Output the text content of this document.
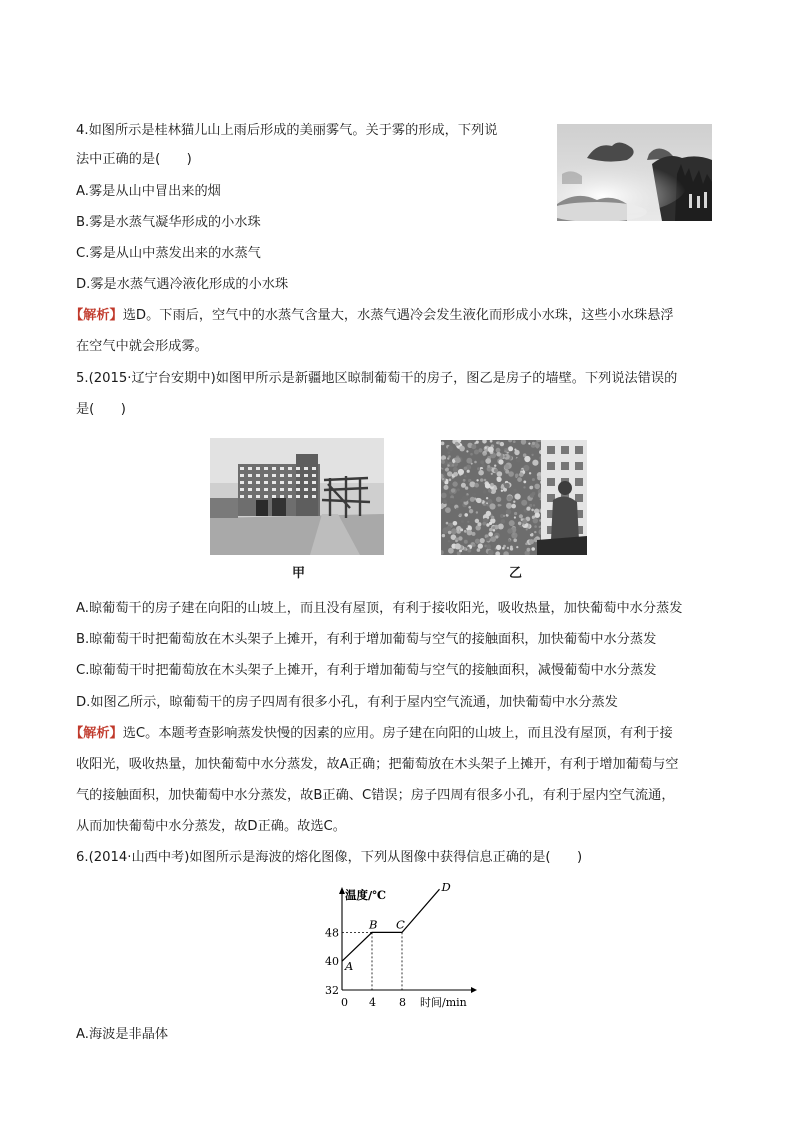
4.如图所示是桂林猫儿山上雨后形成的美丽雾气。关于雾的形成，下列说
法中正确的是(　　)
A.雾是从山中冒出来的烟
B.雾是水蒸气凝华形成的小水珠
C.雾是从山中蒸发出来的水蒸气
D.雾是水蒸气遇冷液化形成的小水珠
【解析】选D。下雨后，空气中的水蒸气含量大，水蒸气遇冷会发生液化而形成小水珠，这些小水珠悬浮
在空气中就会形成雾。
5.(2015·辽宁台安期中)如图甲所示是新疆地区晾制葡萄干的房子，图乙是房子的墙壁。下列说法错误的
是(　　)
甲	乙
A.晾葡萄干的房子建在向阳的山坡上，而且没有屋顶，有利于接收阳光，吸收热量，加快葡萄中水分蒸发
B.晾葡萄干时把葡萄放在木头架子上摊开，有利于增加葡萄与空气的接触面积，加快葡萄中水分蒸发
C.晾葡萄干时把葡萄放在木头架子上摊开，有利于增加葡萄与空气的接触面积，减慢葡萄中水分蒸发
D.如图乙所示，晾葡萄干的房子四周有很多小孔，有利于屋内空气流通，加快葡萄中水分蒸发
【解析】选C。本题考查影响蒸发快慢的因素的应用。房子建在向阳的山坡上，而且没有屋顶，有利于接
收阳光，吸收热量，加快葡萄中水分蒸发，故A正确；把葡萄放在木头架子上摊开，有利于增加葡萄与空
气的接触面积，加快葡萄中水分蒸发，故B正确、C错误；房子四周有很多小孔，有利于屋内空气流通，
从而加快葡萄中水分蒸发，故D正确。故选C。
6.(2014·山西中考)如图所示是海波的熔化图像，下列从图像中获得信息正确的是(　　)
温度/℃
时间/min
0 4 8
32
40
48
A
B C
D
A.海波是非晶体
